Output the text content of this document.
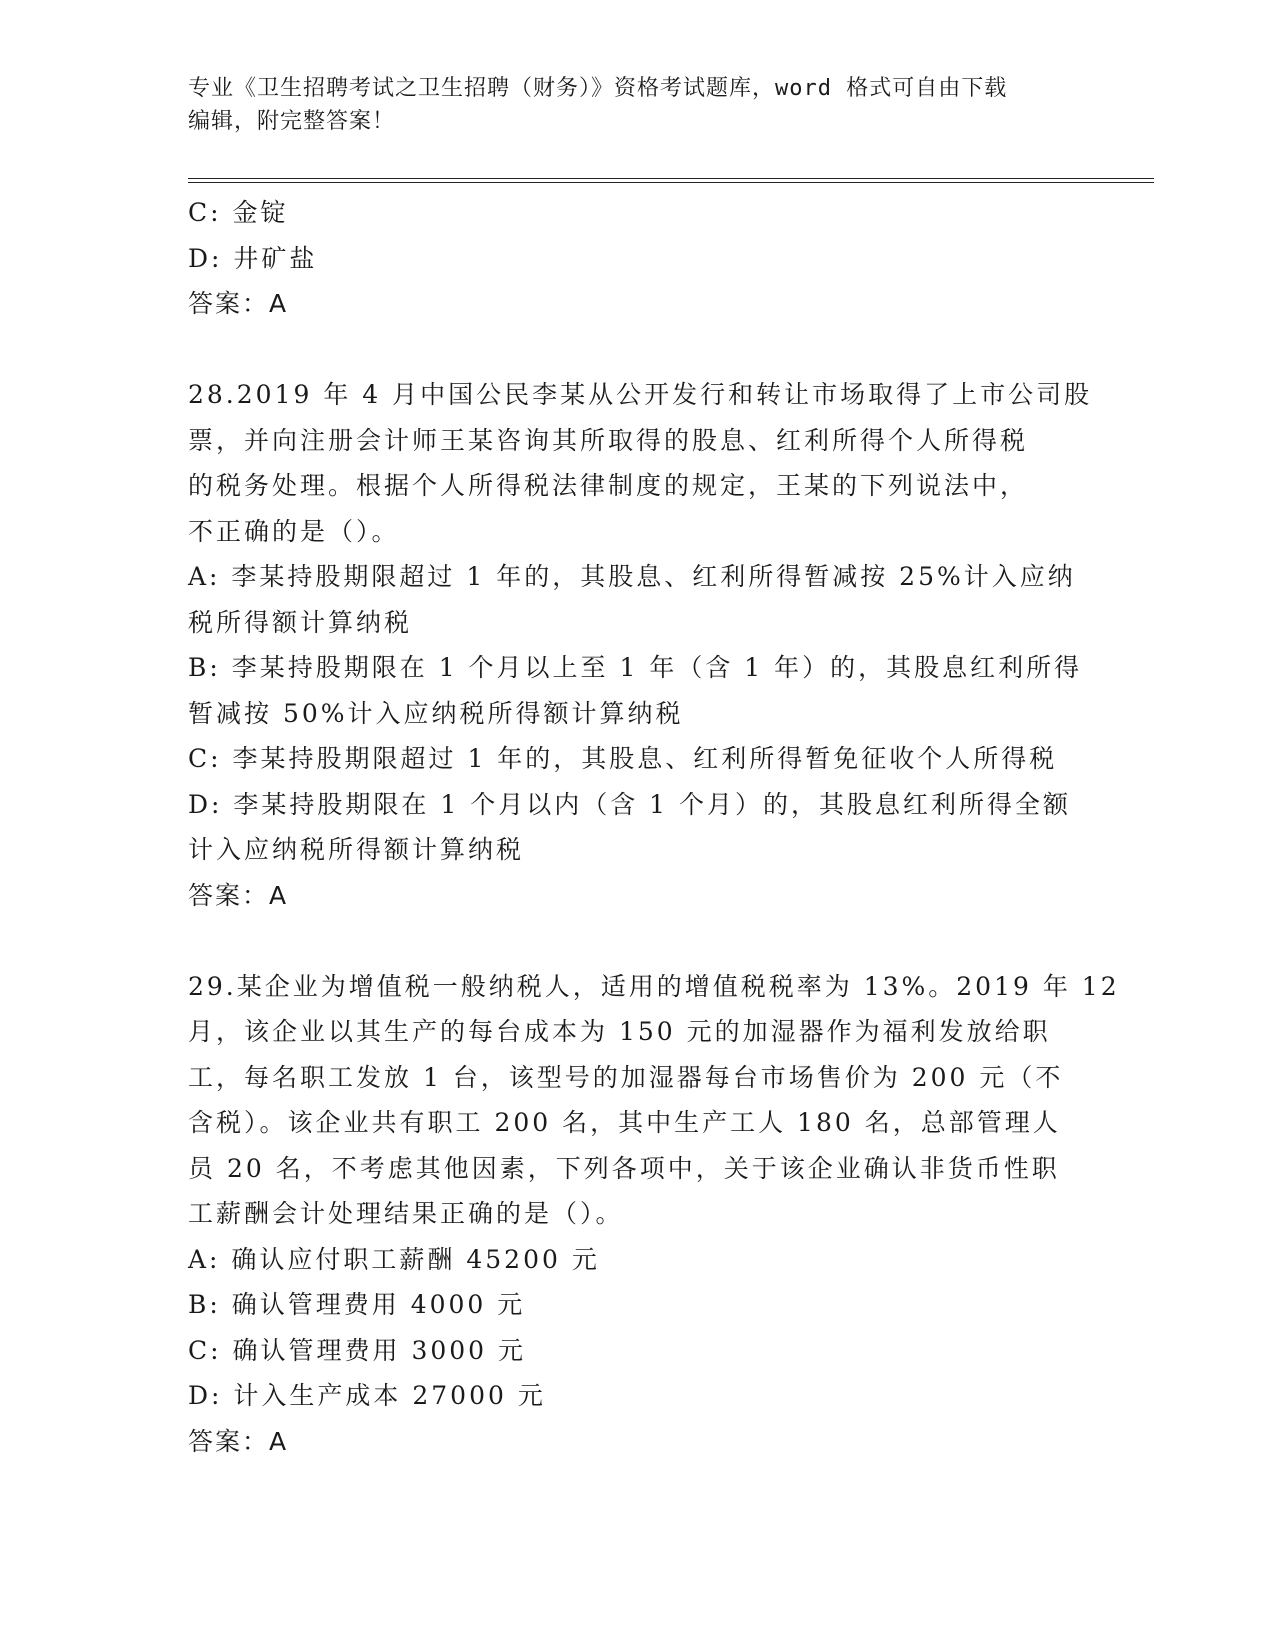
专业《卫生招聘考试之卫生招聘（财务）》资格考试题库，word 格式可自由下载
编辑，附完整答案！
C: 金锭
D: 井矿盐
答案：A
28.2019 年 4 月中国公民李某从公开发行和转让市场取得了上市公司股
票，并向注册会计师王某咨询其所取得的股息、红利所得个人所得税
的税务处理。根据个人所得税法律制度的规定，王某的下列说法中，
不正确的是（）。
A: 李某持股期限超过 1 年的，其股息、红利所得暂减按 25%计入应纳
税所得额计算纳税
B: 李某持股期限在 1 个月以上至 1 年（含 1 年）的，其股息红利所得
暂减按 50%计入应纳税所得额计算纳税
C: 李某持股期限超过 1 年的，其股息、红利所得暂免征收个人所得税
D: 李某持股期限在 1 个月以内（含 1 个月）的，其股息红利所得全额
计入应纳税所得额计算纳税
答案：A
29.某企业为增值税一般纳税人，适用的增值税税率为 13%。2019 年 12
月，该企业以其生产的每台成本为 150 元的加湿器作为福利发放给职
工，每名职工发放 1 台，该型号的加湿器每台市场售价为 200 元（不
含税）。该企业共有职工 200 名，其中生产工人 180 名，总部管理人
员 20 名，不考虑其他因素，下列各项中，关于该企业确认非货币性职
工薪酬会计处理结果正确的是（）。
A: 确认应付职工薪酬 45200 元
B: 确认管理费用 4000 元
C: 确认管理费用 3000 元
D: 计入生产成本 27000 元
答案：A
